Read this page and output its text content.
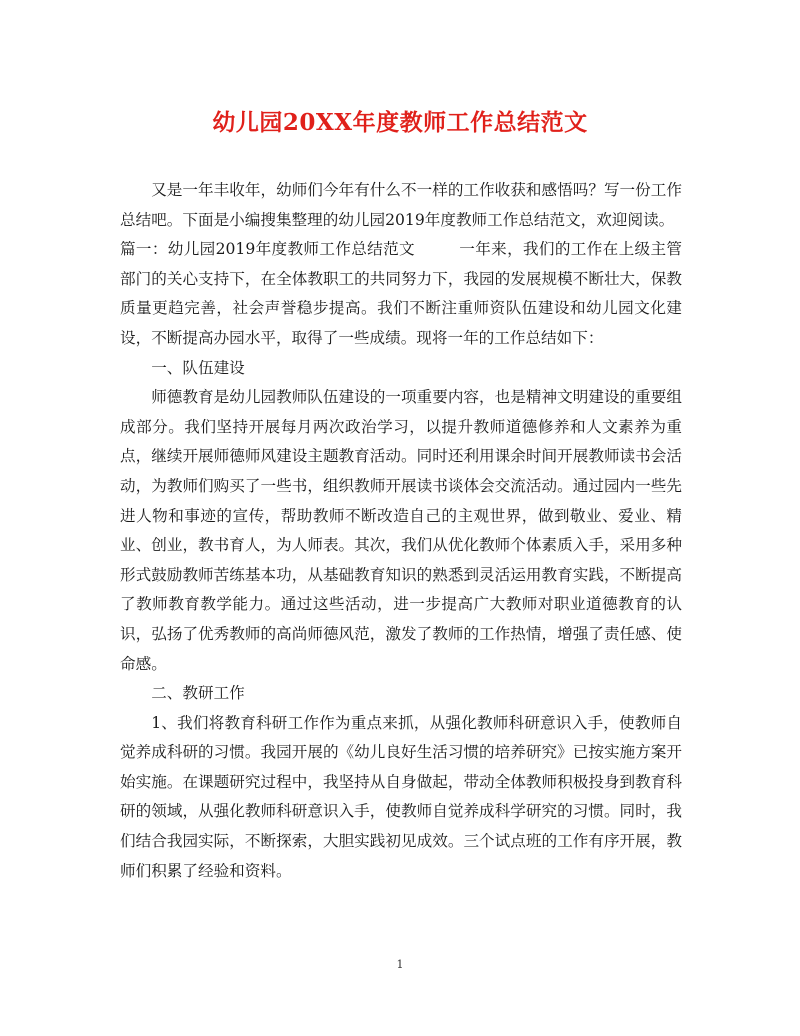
幼儿园20XX年度教师工作总结范文

又是一年丰收年，幼师们今年有什么不一样的工作收获和感悟吗？写一份工作总结吧。下面是小编搜集整理的幼儿园2019年度教师工作总结范文，欢迎阅读。

篇一：幼儿园2019年度教师工作总结范文	一年来，我们的工作在上级主管部门的关心支持下，在全体教职工的共同努力下，我园的发展规模不断壮大，保教质量更趋完善，社会声誉稳步提高。我们不断注重师资队伍建设和幼儿园文化建设，不断提高办园水平，取得了一些成绩。现将一年的工作总结如下：

一、队伍建设

师德教育是幼儿园教师队伍建设的一项重要内容，也是精神文明建设的重要组成部分。我们坚持开展每月两次政治学习，以提升教师道德修养和人文素养为重点，继续开展师德师风建设主题教育活动。同时还利用课余时间开展教师读书会活动，为教师们购买了一些书，组织教师开展读书谈体会交流活动。通过园内一些先进人物和事迹的宣传，帮助教师不断改造自己的主观世界，做到敬业、爱业、精业、创业，教书育人，为人师表。其次，我们从优化教师个体素质入手，采用多种形式鼓励教师苦练基本功，从基础教育知识的熟悉到灵活运用教育实践，不断提高了教师教育教学能力。通过这些活动，进一步提高广大教师对职业道德教育的认识，弘扬了优秀教师的高尚师德风范，激发了教师的工作热情，增强了责任感、使命感。

二、教研工作

1、我们将教育科研工作作为重点来抓，从强化教师科研意识入手，使教师自觉养成科研的习惯。我园开展的《幼儿良好生活习惯的培养研究》已按实施方案开始实施。在课题研究过程中，我坚持从自身做起，带动全体教师积极投身到教育科研的领域，从强化教师科研意识入手，使教师自觉养成科学研究的习惯。同时，我们结合我园实际，不断探索，大胆实践初见成效。三个试点班的工作有序开展，教师们积累了经验和资料。

1
